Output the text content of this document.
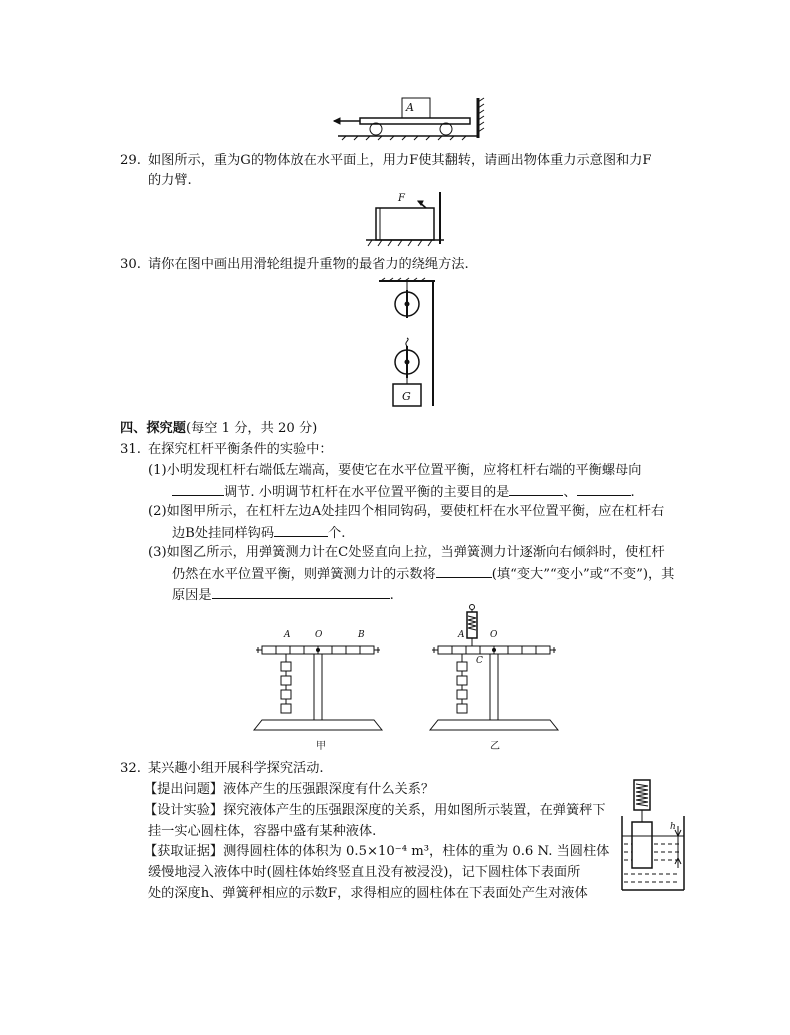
A
29. 如图所示，重为G的物体放在水平面上，用力F使其翻转，请画出物体重力示意图和力F
的力臂.
F
30. 请你在图中画出用滑轮组提升重物的最省力的绕绳方法.
G
四、探究题(每空 1 分，共 20 分)
31. 在探究杠杆平衡条件的实验中：
(1)小明发现杠杆右端低左端高，要使它在水平位置平衡，应将杠杆右端的平衡螺母向
调节. 小明调节杠杆在水平位置平衡的主要目的是	、	.
(2)如图甲所示，在杠杆左边A处挂四个相同钩码，要使杠杆在水平位置平衡，应在杠杆右
边B处挂同样钩码	个.
(3)如图乙所示，用弹簧测力计在C处竖直向上拉，当弹簧测力计逐渐向右倾斜时，使杠杆
仍然在水平位置平衡，则弹簧测力计的示数将	(填“变大”“变小”或“不变”)，其
原因是	.
A	O	B
甲
A	O
C
乙
32. 某兴趣小组开展科学探究活动.
【提出问题】液体产生的压强跟深度有什么关系？
【设计实验】探究液体产生的压强跟深度的关系，用如图所示装置，在弹簧秤下
挂一实心圆柱体，容器中盛有某种液体.
【获取证据】测得圆柱体的体积为 0.5×10⁻⁴ m³，柱体的重为 0.6 N. 当圆柱体
缓慢地浸入液体中时(圆柱体始终竖直且没有被浸没)，记下圆柱体下表面所
处的深度h、弹簧秤相应的示数F，求得相应的圆柱体在下表面处产生对液体
h
